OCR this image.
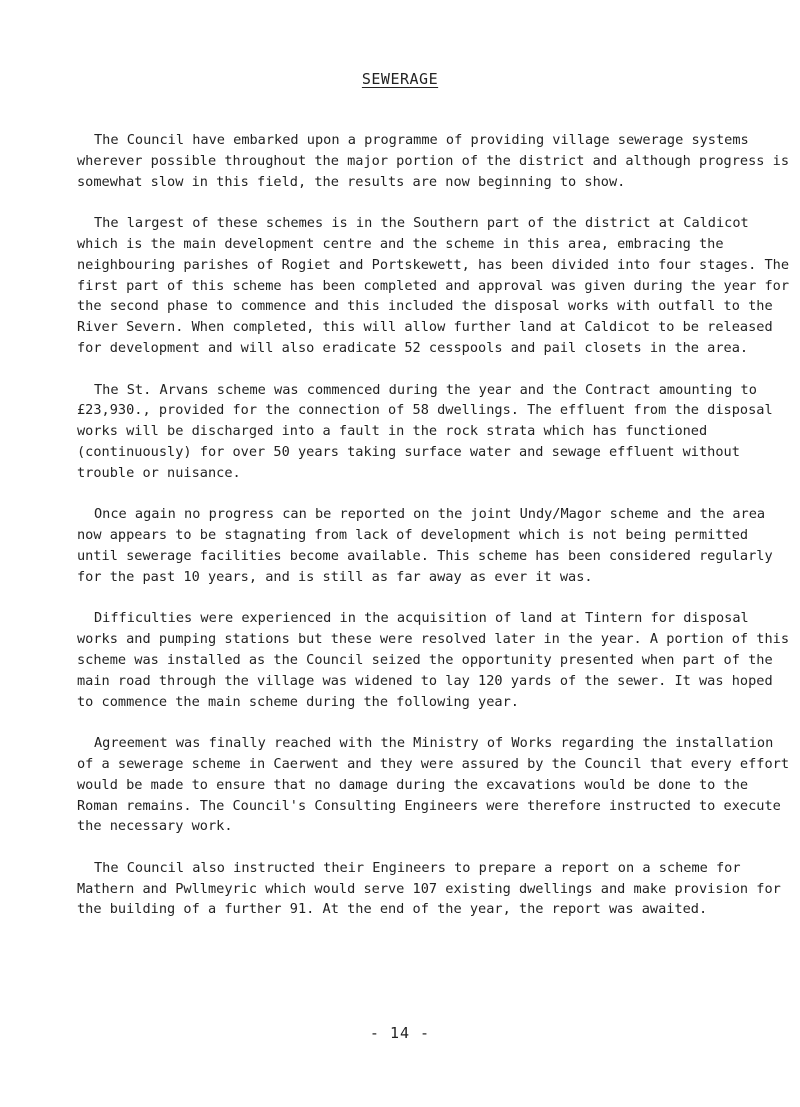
SEWERAGE

The Council have embarked upon a programme of providing village sewerage systems wherever possible throughout the major portion of the district and although progress is somewhat slow in this field, the results are now beginning to show.

The largest of these schemes is in the Southern part of the district at Caldicot which is the main development centre and the scheme in this area, embracing the neighbouring parishes of Rogiet and Portskewett, has been divided into four stages. The first part of this scheme has been completed and approval was given during the year for the second phase to commence and this included the disposal works with outfall to the River Severn. When completed, this will allow further land at Caldicot to be released for development and will also eradicate 52 cesspools and pail closets in the area.

The St. Arvans scheme was commenced during the year and the Contract amounting to £23,930., provided for the connection of 58 dwellings. The effluent from the disposal works will be discharged into a fault in the rock strata which has functioned (continuously) for over 50 years taking surface water and sewage effluent without trouble or nuisance.

Once again no progress can be reported on the joint Undy/Magor scheme and the area now appears to be stagnating from lack of development which is not being permitted until sewerage facilities become available. This scheme has been considered regularly for the past 10 years, and is still as far away as ever it was.

Difficulties were experienced in the acquisition of land at Tintern for disposal works and pumping stations but these were resolved later in the year. A portion of this scheme was installed as the Council seized the opportunity presented when part of the main road through the village was widened to lay 120 yards of the sewer. It was hoped to commence the main scheme during the following year.

Agreement was finally reached with the Ministry of Works regarding the installation of a sewerage scheme in Caerwent and they were assured by the Council that every effort would be made to ensure that no damage during the excavations would be done to the Roman remains. The Council's Consulting Engineers were therefore instructed to execute the necessary work.

The Council also instructed their Engineers to prepare a report on a scheme for Mathern and Pwllmeyric which would serve 107 existing dwellings and make provision for the building of a further 91. At the end of the year, the report was awaited.

- 14 -
